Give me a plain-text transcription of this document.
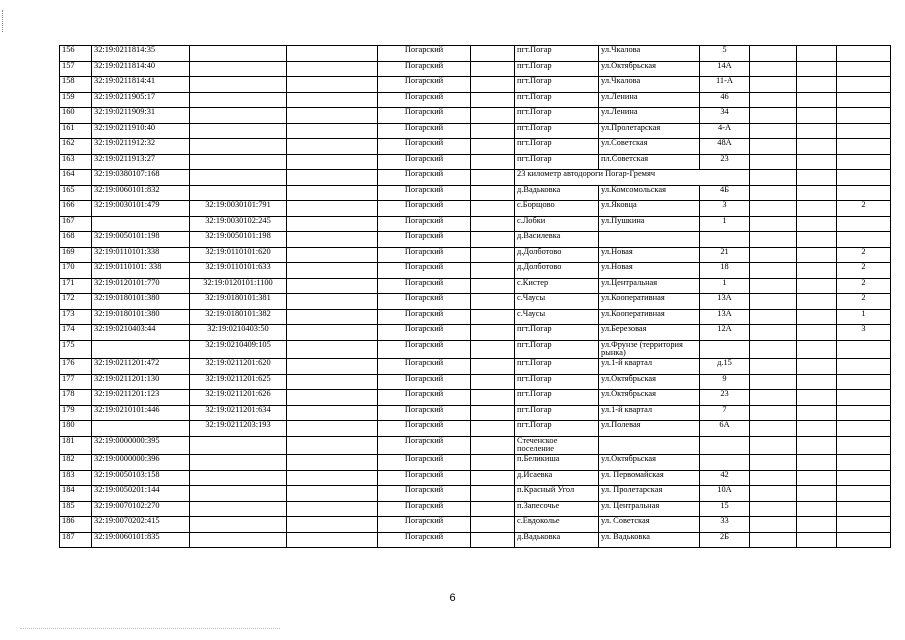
156	32:19:0211814:35			Погарский		пгт.Погар	ул.Чкалова	5			
157	32:19:0211814:40			Погарский		пгт.Погар	ул.Октябрьская	14А			
158	32:19:0211814:41			Погарский		пгт.Погар	ул.Чкалова	11-А			
159	32:19:0211905:17			Погарский		пгт.Погар	ул.Ленина	46			
160	32:19:0211909:31			Погарский		пгт.Погар	ул.Ленина	34			
161	32:19:0211910:40			Погарский		пгт.Погар	ул.Пролетарская	4-А			
162	32:19:0211912:32			Погарский		пгт.Погар	ул.Советская	48А			
163	32:19:0211913:27			Погарский		пгт.Погар	пл.Советская	23			
164	32:19:0380107:168			Погарский		23 километр автодороги Погар-Гремяч					
165	32:19:0060101:832			Погарский		д.Вадьковка	ул.Комсомольская	4Б			
166	32:19:0030101:479	32:19:0030101:791		Погарский		с.Борщово	ул.Яковца	3			2
167		32:19:0030102:245		Погарский		с.Лобки	ул.Пушкина	1			
168	32:19:0050101:198	32:19:0050101:198		Погарский		д.Василевка					
169	32:19:0110101:338	32:19:0110101:620		Погарский		д.Долботово	ул.Новая	21			2
170	32:19:0110101: 338	32:19:0110101:633		Погарский		д.Долботово	ул.Новая	18			2
171	32:19:0120101:770	32:19:0120101:1100		Погарский		с.Кистер	ул.Центральная	1			2
172	32:19:0180101:380	32:19:0180101:381		Погарский		с.Чаусы	ул.Кооперативная	13А			2
173	32:19:0180101:380	32:19:0180101:382		Погарский		с.Чаусы	ул.Кооперативная	13А			1
174	32:19:0210403:44	32:19:0210403:50		Погарский		пгт.Погар	ул.Березовая	12А			3
175		32:19:0210409:105		Погарский		пгт.Погар	ул.Фрунзе (территория рынка)				
176	32:19:0211201:472	32:19:0211201:620		Погарский		пгт.Погар	ул.1-й квартал	д.15			
177	32:19:0211201:130	32:19:0211201:625		Погарский		пгт.Погар	ул.Октябрьская	9			
178	32:19:0211201:123	32:19:0211201:626		Погарский		пгт.Погар	ул.Октябрьская	23			
179	32:19:0210101:446	32:19:0211201:634		Погарский		пгт.Погар	ул.1-й квартал	7			
180		32:19:0211203:193		Погарский		пгт.Погар	ул.Полевая	6А			
181	32:19:0000000:395			Погарский		Стеченское поселение					
182	32:19:0000000:396			Погарский		п.Беликиша	ул.Октябрьская				
183	32:19:0050103:158			Погарский		д.Исаевка	ул. Первомайская	42			
184	32:19:0050201:144			Погарский		п.Красный Угол	ул. Пролетарская	10А			
185	32:19:0070102:270			Погарский		п.Запесочье	ул. Центральная	15			
186	32:19:0070202:415			Погарский		с.Евдоколье	ул. Советская	33			
187	32:19:0060101:835			Погарский		д.Вадьковка	ул. Вадьковка	2Б			
6
